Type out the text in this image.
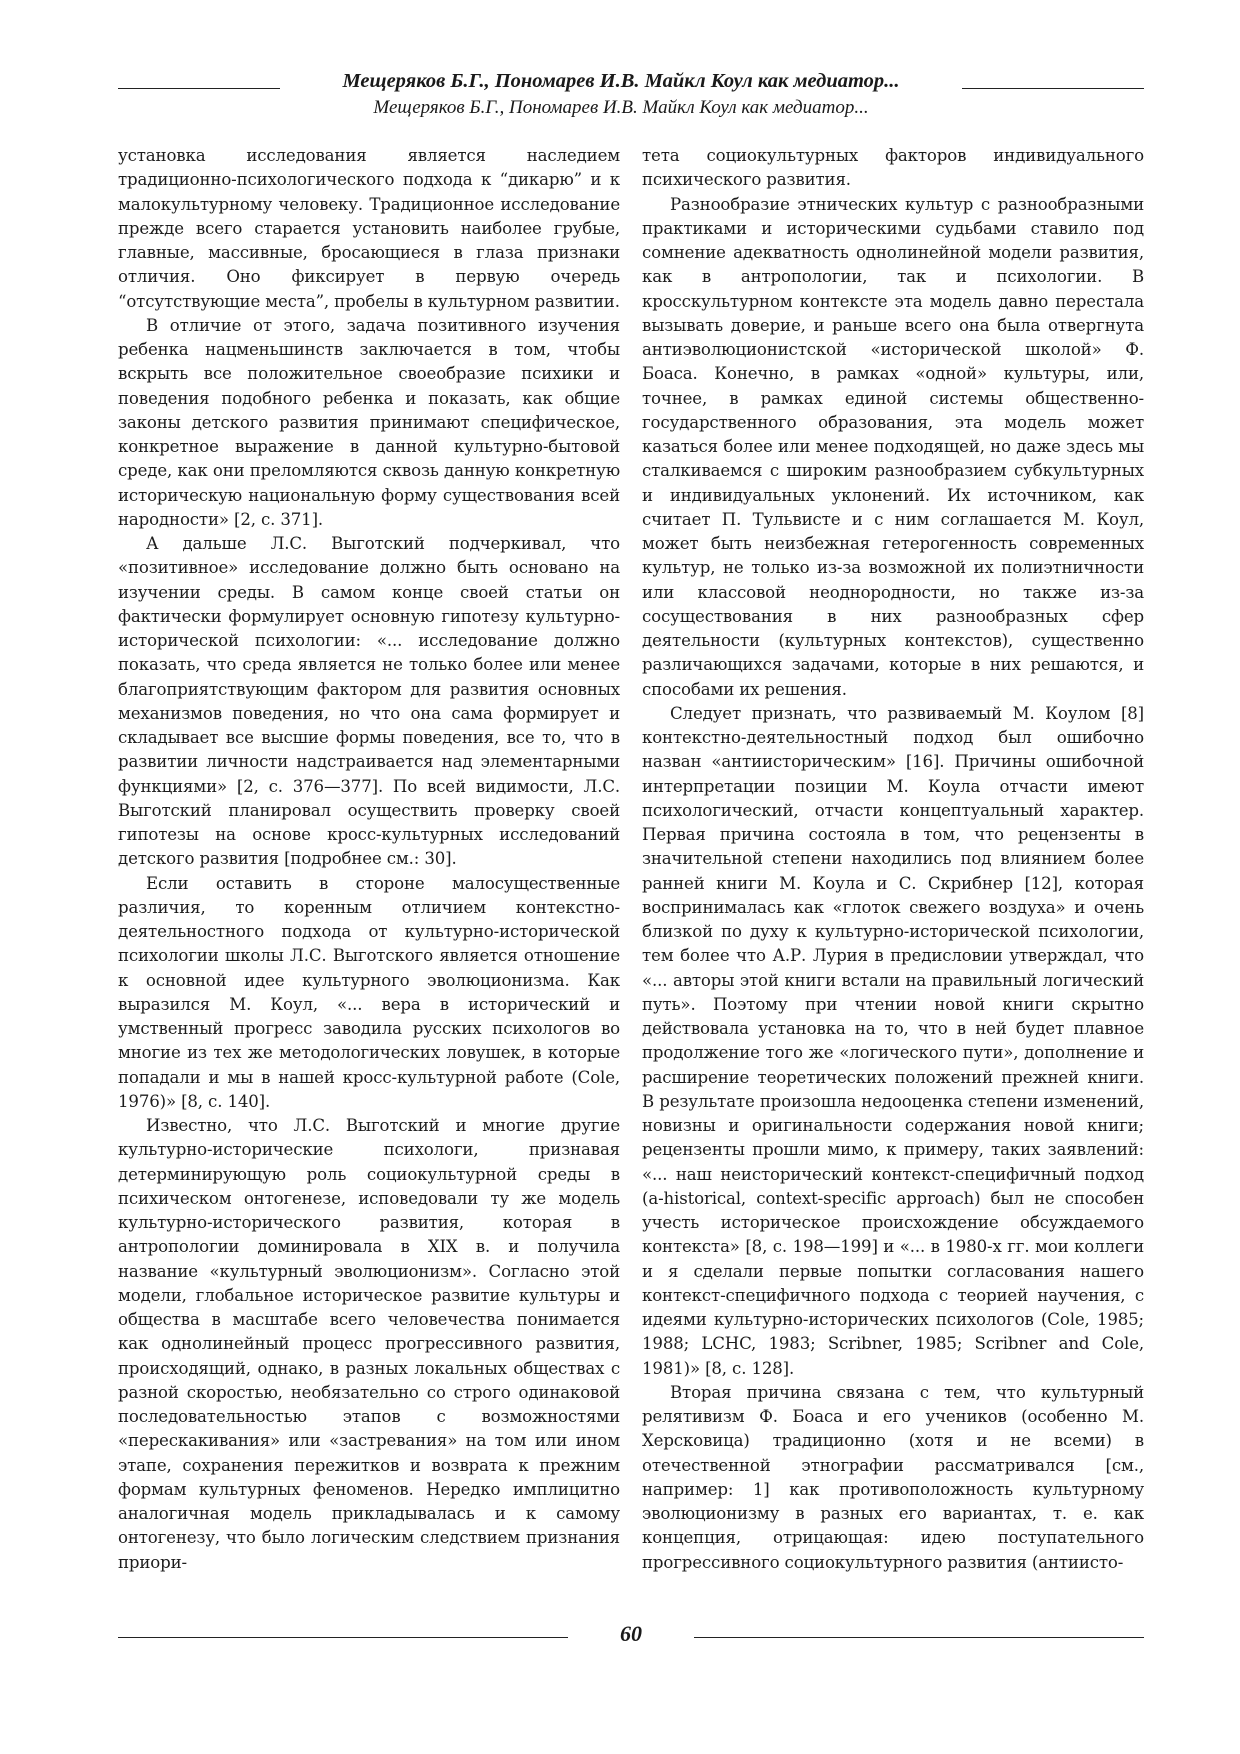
Мещеряков Б.Г., Пономарев И.В. Майкл Коул как медиатор...
Мещеряков Б.Г., Пономарев И.В. Майкл Коул как медиатор...

установка исследования является наследием традиционно-психологического подхода к “дикарю” и к малокультурному человеку. Традиционное исследование прежде всего старается установить наиболее грубые, главные, массивные, бросающиеся в глаза признаки отличия. Оно фиксирует в первую очередь “отсутствующие места”, пробелы в культурном развитии.

В отличие от этого, задача позитивного изучения ребенка нацменьшинств заключается в том, чтобы вскрыть все положительное своеобразие психики и поведения подобного ребенка и показать, как общие законы детского развития принимают специфическое, конкретное выражение в данной культурно-бытовой среде, как они преломляются сквозь данную конкретную историческую национальную форму существования всей народности» [2, с. 371].

А дальше Л.С. Выготский подчеркивал, что «позитивное» исследование должно быть основано на изучении среды. В самом конце своей статьи он фактически формулирует основную гипотезу культурно-исторической психологии: «... исследование должно показать, что среда является не только более или менее благоприятствующим фактором для развития основных механизмов поведения, но что она сама формирует и складывает все высшие формы поведения, все то, что в развитии личности надстраивается над элементарными функциями» [2, с. 376—377]. По всей видимости, Л.С. Выготский планировал осуществить проверку своей гипотезы на основе кросс-культурных исследований детского развития [подробнее см.: 30].

Если оставить в стороне малосущественные различия, то коренным отличием контекстно-деятельностного подхода от культурно-исторической психологии школы Л.С. Выготского является отношение к основной идее культурного эволюционизма. Как выразился М. Коул, «... вера в исторический и умственный прогресс заводила русских психологов во многие из тех же методологических ловушек, в которые попадали и мы в нашей кросс-культурной работе (Cole, 1976)» [8, с. 140].

Известно, что Л.С. Выготский и многие другие культурно-исторические психологи, признавая детерминирующую роль социокультурной среды в психическом онтогенезе, исповедовали ту же модель культурно-исторического развития, которая в антропологии доминировала в XIX в. и получила название «культурный эволюционизм». Согласно этой модели, глобальное историческое развитие культуры и общества в масштабе всего человечества понимается как однолинейный процесс прогрессивного развития, происходящий, однако, в разных локальных обществах с разной скоростью, необязательно со строго одинаковой последовательностью этапов с возможностями «перескакивания» или «застревания» на том или ином этапе, сохранения пережитков и возврата к прежним формам культурных феноменов. Нередко имплицитно аналогичная модель прикладывалась и к самому онтогенезу, что было логическим следствием признания приори-

тета социокультурных факторов индивидуального психического развития.

Разнообразие этнических культур с разнообразными практиками и историческими судьбами ставило под сомнение адекватность однолинейной модели развития, как в антропологии, так и психологии. В кросскультурном контексте эта модель давно перестала вызывать доверие, и раньше всего она была отвергнута антиэволюционистской «исторической школой» Ф. Боаса. Конечно, в рамках «одной» культуры, или, точнее, в рамках единой системы общественно-государственного образования, эта модель может казаться более или менее подходящей, но даже здесь мы сталкиваемся с широким разнообразием субкультурных и индивидуальных уклонений. Их источником, как считает П. Тульвисте и с ним соглашается М. Коул, может быть неизбежная гетерогенность современных культур, не только из-за возможной их полиэтничности или классовой неоднородности, но также из-за сосуществования в них разнообразных сфер деятельности (культурных контекстов), существенно различающихся задачами, которые в них решаются, и способами их решения.

Следует признать, что развиваемый М. Коулом [8] контекстно-деятельностный подход был ошибочно назван «антиисторическим» [16]. Причины ошибочной интерпретации позиции М. Коула отчасти имеют психологический, отчасти концептуальный характер. Первая причина состояла в том, что рецензенты в значительной степени находились под влиянием более ранней книги М. Коула и С. Скрибнер [12], которая воспринималась как «глоток свежего воздуха» и очень близкой по духу к культурно-исторической психологии, тем более что А.Р. Лурия в предисловии утверждал, что «... авторы этой книги встали на правильный логический путь». Поэтому при чтении новой книги скрытно действовала установка на то, что в ней будет плавное продолжение того же «логического пути», дополнение и расширение теоретических положений прежней книги. В результате произошла недооценка степени изменений, новизны и оригинальности содержания новой книги; рецензенты прошли мимо, к примеру, таких заявлений: «... наш неисторический контекст-специфичный подход (a-historical, context-specific approach) был не способен учесть историческое происхождение обсуждаемого контекста» [8, с. 198—199] и «... в 1980-х гг. мои коллеги и я сделали первые попытки согласования нашего контекст-специфичного подхода с теорией научения, с идеями культурно-исторических психологов (Cole, 1985; 1988; LCHC, 1983; Scribner, 1985; Scribner and Cole, 1981)» [8, с. 128].

Вторая причина связана с тем, что культурный релятивизм Ф. Боаса и его учеников (особенно М. Херсковица) традиционно (хотя и не всеми) в отечественной этнографии рассматривался [см., например: 1] как противоположность культурному эволюционизму в разных его вариантах, т. е. как концепция, отрицающая: идею поступательного прогрессивного социокультурного развития (антиисто-

60
